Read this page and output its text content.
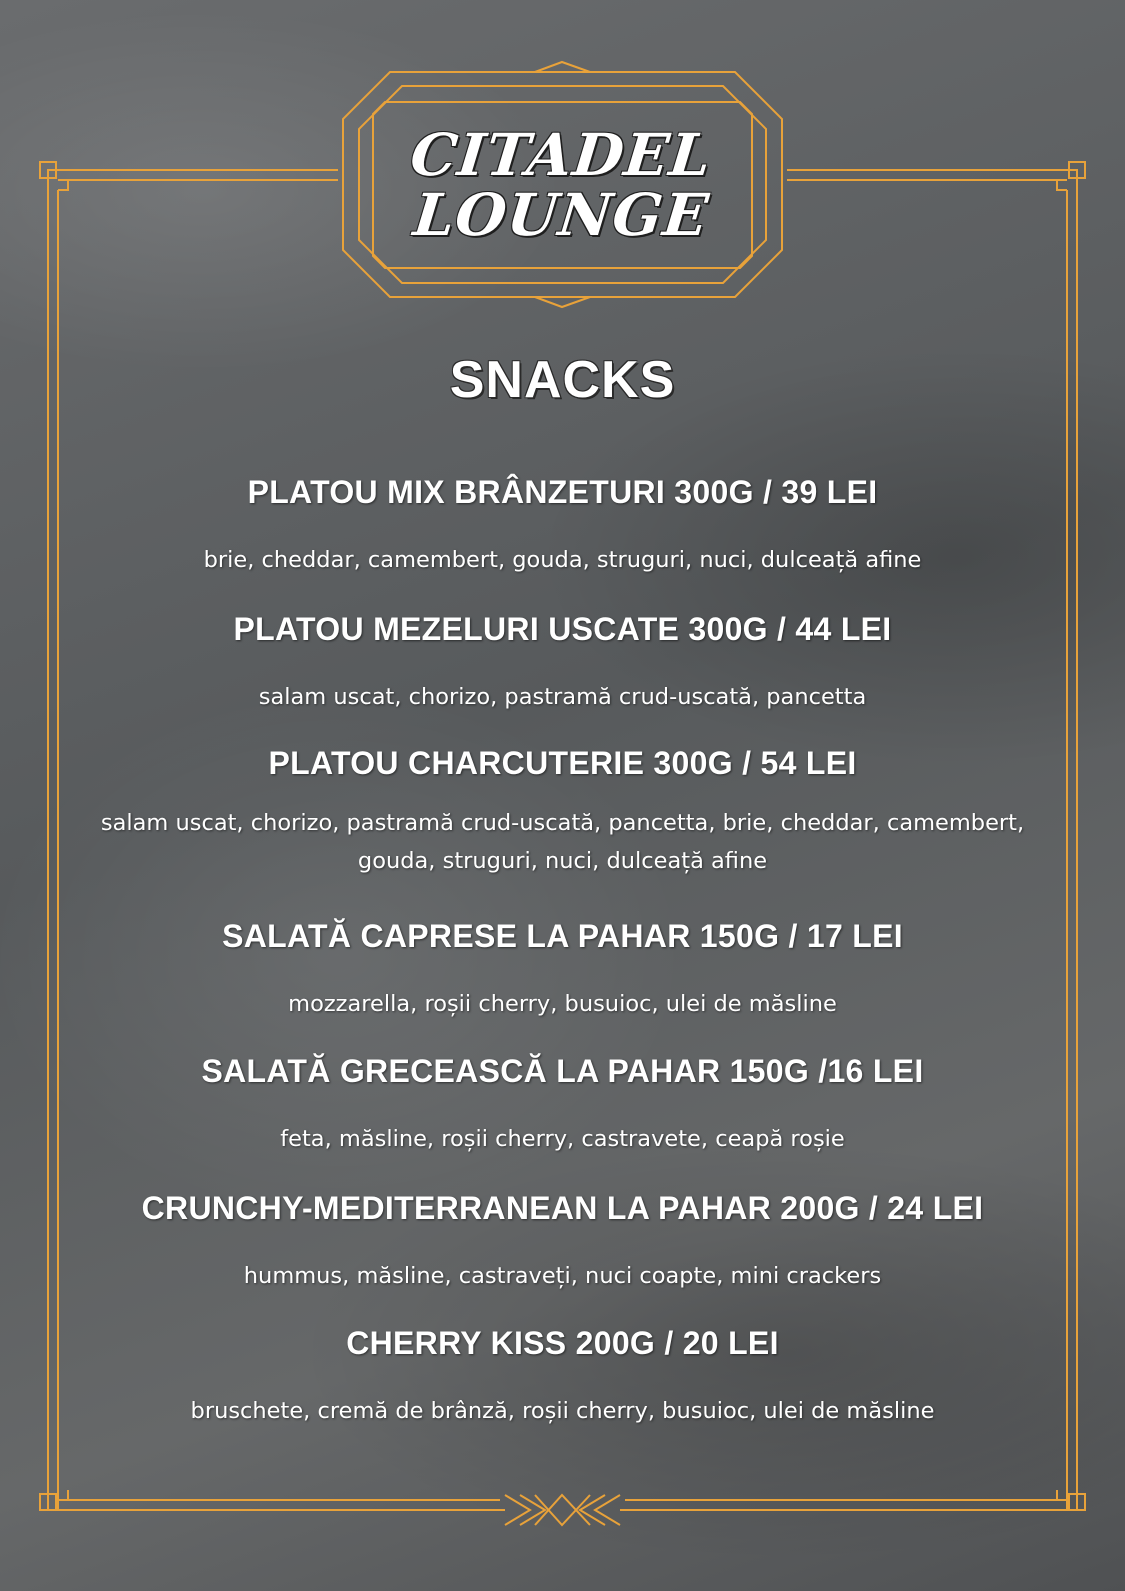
CITADEL
LOUNGE
SNACKS
PLATOU MIX BRÂNZETURI 300G / 39 LEI
brie, cheddar, camembert, gouda, struguri, nuci, dulceață afine
PLATOU MEZELURI USCATE 300G / 44 LEI
salam uscat, chorizo, pastramă crud-uscată, pancetta
PLATOU CHARCUTERIE 300G / 54 LEI
salam uscat, chorizo, pastramă crud-uscată, pancetta, brie, cheddar, camembert, gouda, struguri, nuci, dulceață afine
SALATĂ CAPRESE LA PAHAR 150G / 17 LEI
mozzarella, roșii cherry, busuioc, ulei de măsline
SALATĂ GRECEASCĂ LA PAHAR 150G /16 LEI
feta, măsline, roșii cherry, castravete, ceapă roșie
CRUNCHY-MEDITERRANEAN LA PAHAR 200G / 24 LEI
hummus, măsline, castraveți, nuci coapte, mini crackers
CHERRY KISS 200G / 20 LEI
bruschete, cremă de brânză, roșii cherry, busuioc, ulei de măsline
